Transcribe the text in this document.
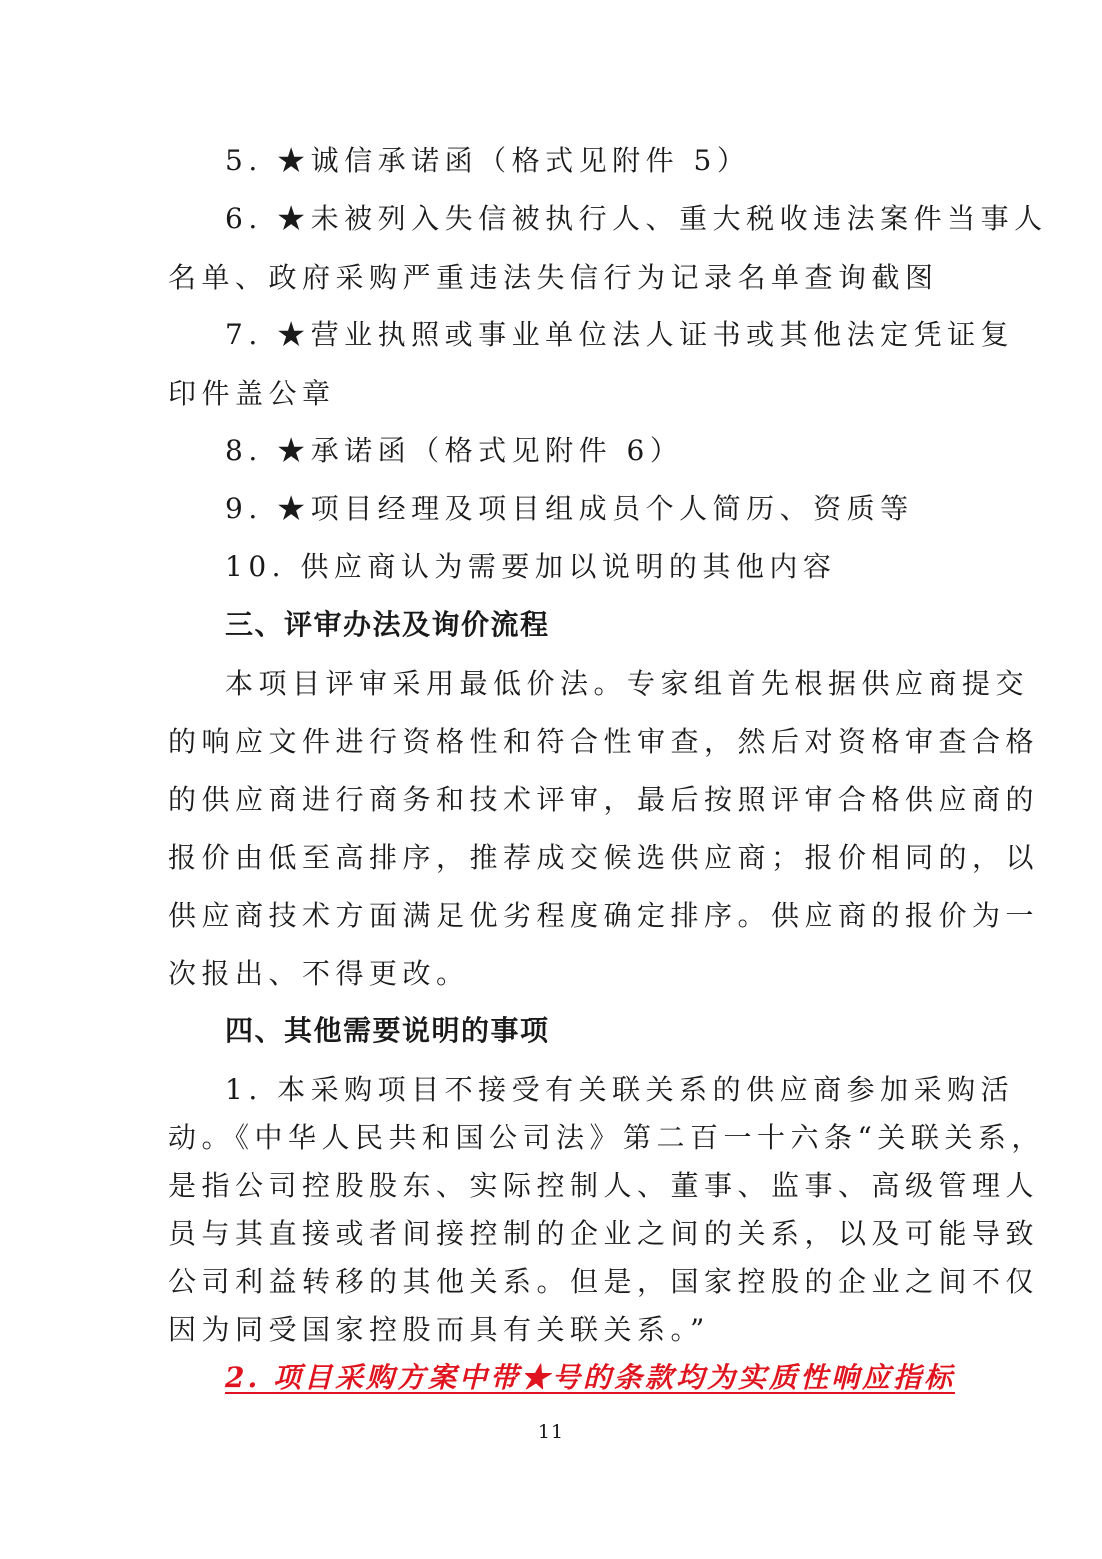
5. ★诚信承诺函（格式见附件 5）
6. ★未被列入失信被执行人、重大税收违法案件当事人
名单、政府采购严重违法失信行为记录名单查询截图
7. ★营业执照或事业单位法人证书或其他法定凭证复
印件盖公章
8. ★承诺函（格式见附件 6）
9. ★项目经理及项目组成员个人简历、资质等
10. 供应商认为需要加以说明的其他内容
三、评审办法及询价流程
本项目评审采用最低价法。专家组首先根据供应商提交
的响应文件进行资格性和符合性审查，然后对资格审查合格
的供应商进行商务和技术评审，最后按照评审合格供应商的
报价由低至高排序，推荐成交候选供应商；报价相同的，以
供应商技术方面满足优劣程度确定排序。供应商的报价为一
次报出、不得更改。
四、其他需要说明的事项
1. 本采购项目不接受有关联关系的供应商参加采购活
动。《中华人民共和国公司法》第二百一十六条“关联关系，
是指公司控股股东、实际控制人、董事、监事、高级管理人
员与其直接或者间接控制的企业之间的关系，以及可能导致
公司利益转移的其他关系。但是，国家控股的企业之间不仅
因为同受国家控股而具有关联关系。”
2. 项目采购方案中带★号的条款均为实质性响应指标
11
